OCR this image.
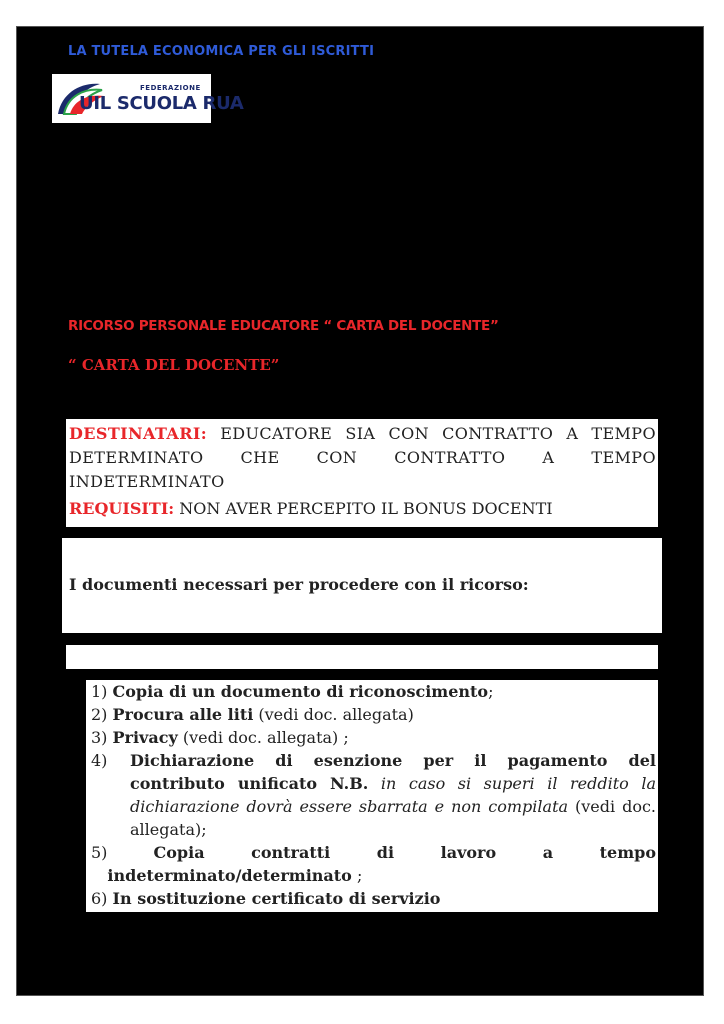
LA TUTELA ECONOMICA PER GLI ISCRITTI
FEDERAZIONE
UIL SCUOLA RUA
RICORSO PERSONALE EDUCATORE “ CARTA DEL DOCENTE”
“ CARTA DEL DOCENTE”

DESTINATARI: EDUCATORE SIA CON CONTRATTO A TEMPO DETERMINATO CHE CON CONTRATTO A TEMPO INDETERMINATO

REQUISITI: NON AVER PERCEPITO IL BONUS DOCENTI

I documenti necessari per procedere con il ricorso:
1) Copia di un documento di riconoscimento;
2) Procura alle liti (vedi doc. allegata)
3) Privacy (vedi doc. allegata) ;
4)	Dichiarazione di esenzione per il pagamento del contributo unificato N.B. in caso si superi il reddito la dichiarazione dovrà essere sbarrata e non compilata (vedi doc. allegata);
5)	Copia contratti di lavoro a tempo indeterminato/determinato ;
6) In sostituzione certificato di servizio
